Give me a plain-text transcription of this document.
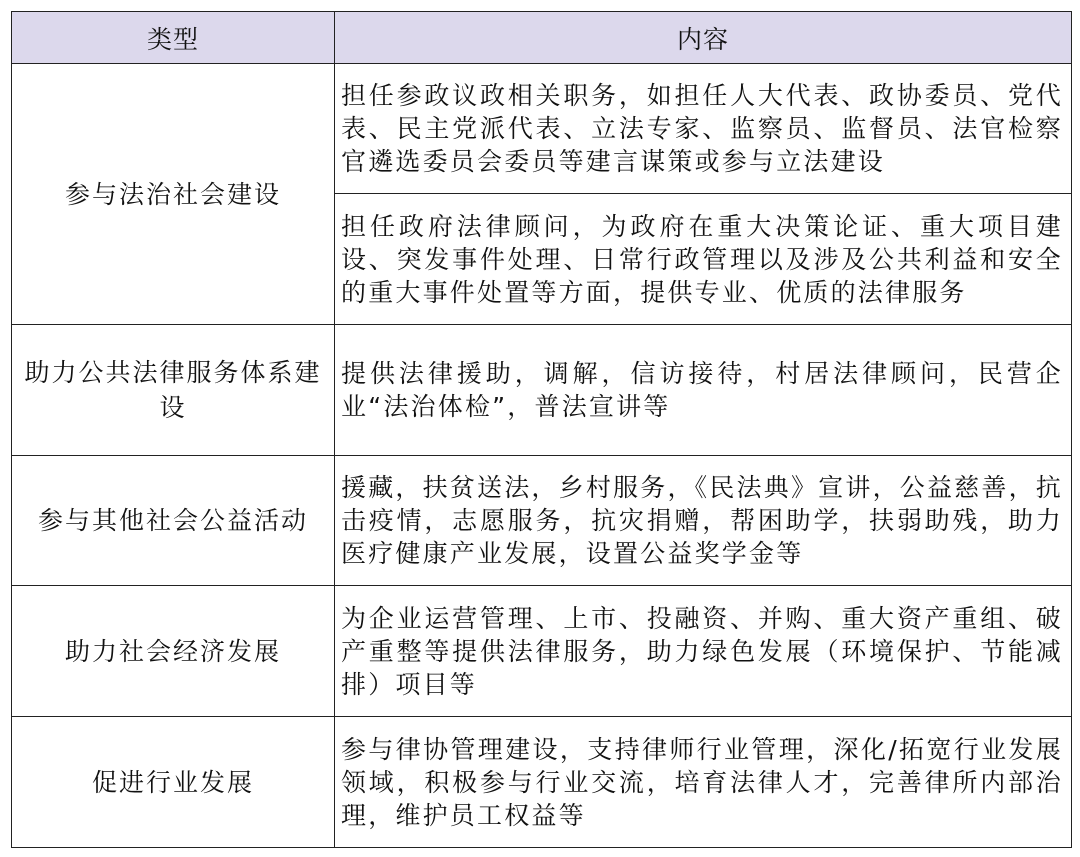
类型	内容
参与法治社会建设	担任参政议政相关职务，如担任人大代表、政协委员、党代表、民主党派代表、立法专家、监察员、监督员、法官检察官遴选委员会委员等建言谋策或参与立法建设
	担任政府法律顾问，为政府在重大决策论证、重大项目建设、突发事件处理、日常行政管理以及涉及公共利益和安全的重大事件处置等方面，提供专业、优质的法律服务
助力公共法律服务体系建设	提供法律援助，调解，信访接待，村居法律顾问，民营企业“法治体检”，普法宣讲等
参与其他社会公益活动	援藏，扶贫送法，乡村服务，《民法典》宣讲，公益慈善，抗击疫情，志愿服务，抗灾捐赠，帮困助学，扶弱助残，助力医疗健康产业发展，设置公益奖学金等
助力社会经济发展	为企业运营管理、上市、投融资、并购、重大资产重组、破产重整等提供法律服务，助力绿色发展（环境保护、节能减排）项目等
促进行业发展	参与律协管理建设，支持律师行业管理，深化/拓宽行业发展领域，积极参与行业交流，培育法律人才，完善律所内部治理，维护员工权益等
